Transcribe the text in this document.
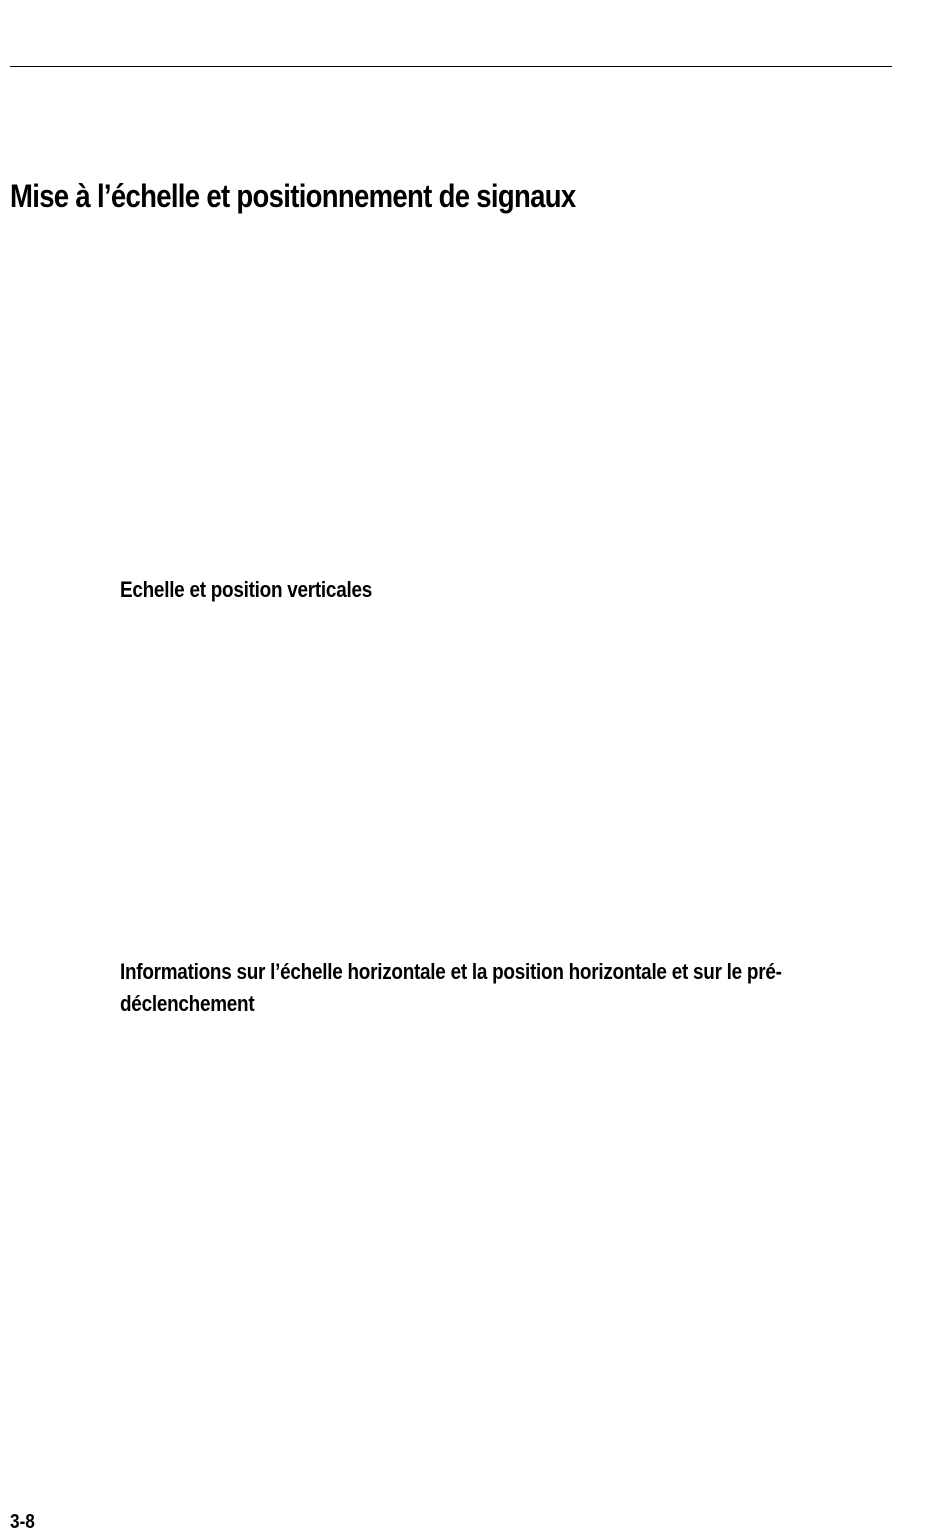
Mise à l’échelle et positionnement de signaux
Echelle et position verticales
Informations sur l’échelle horizontale et la position horizontale et sur le pré-déclenchement
3-8
